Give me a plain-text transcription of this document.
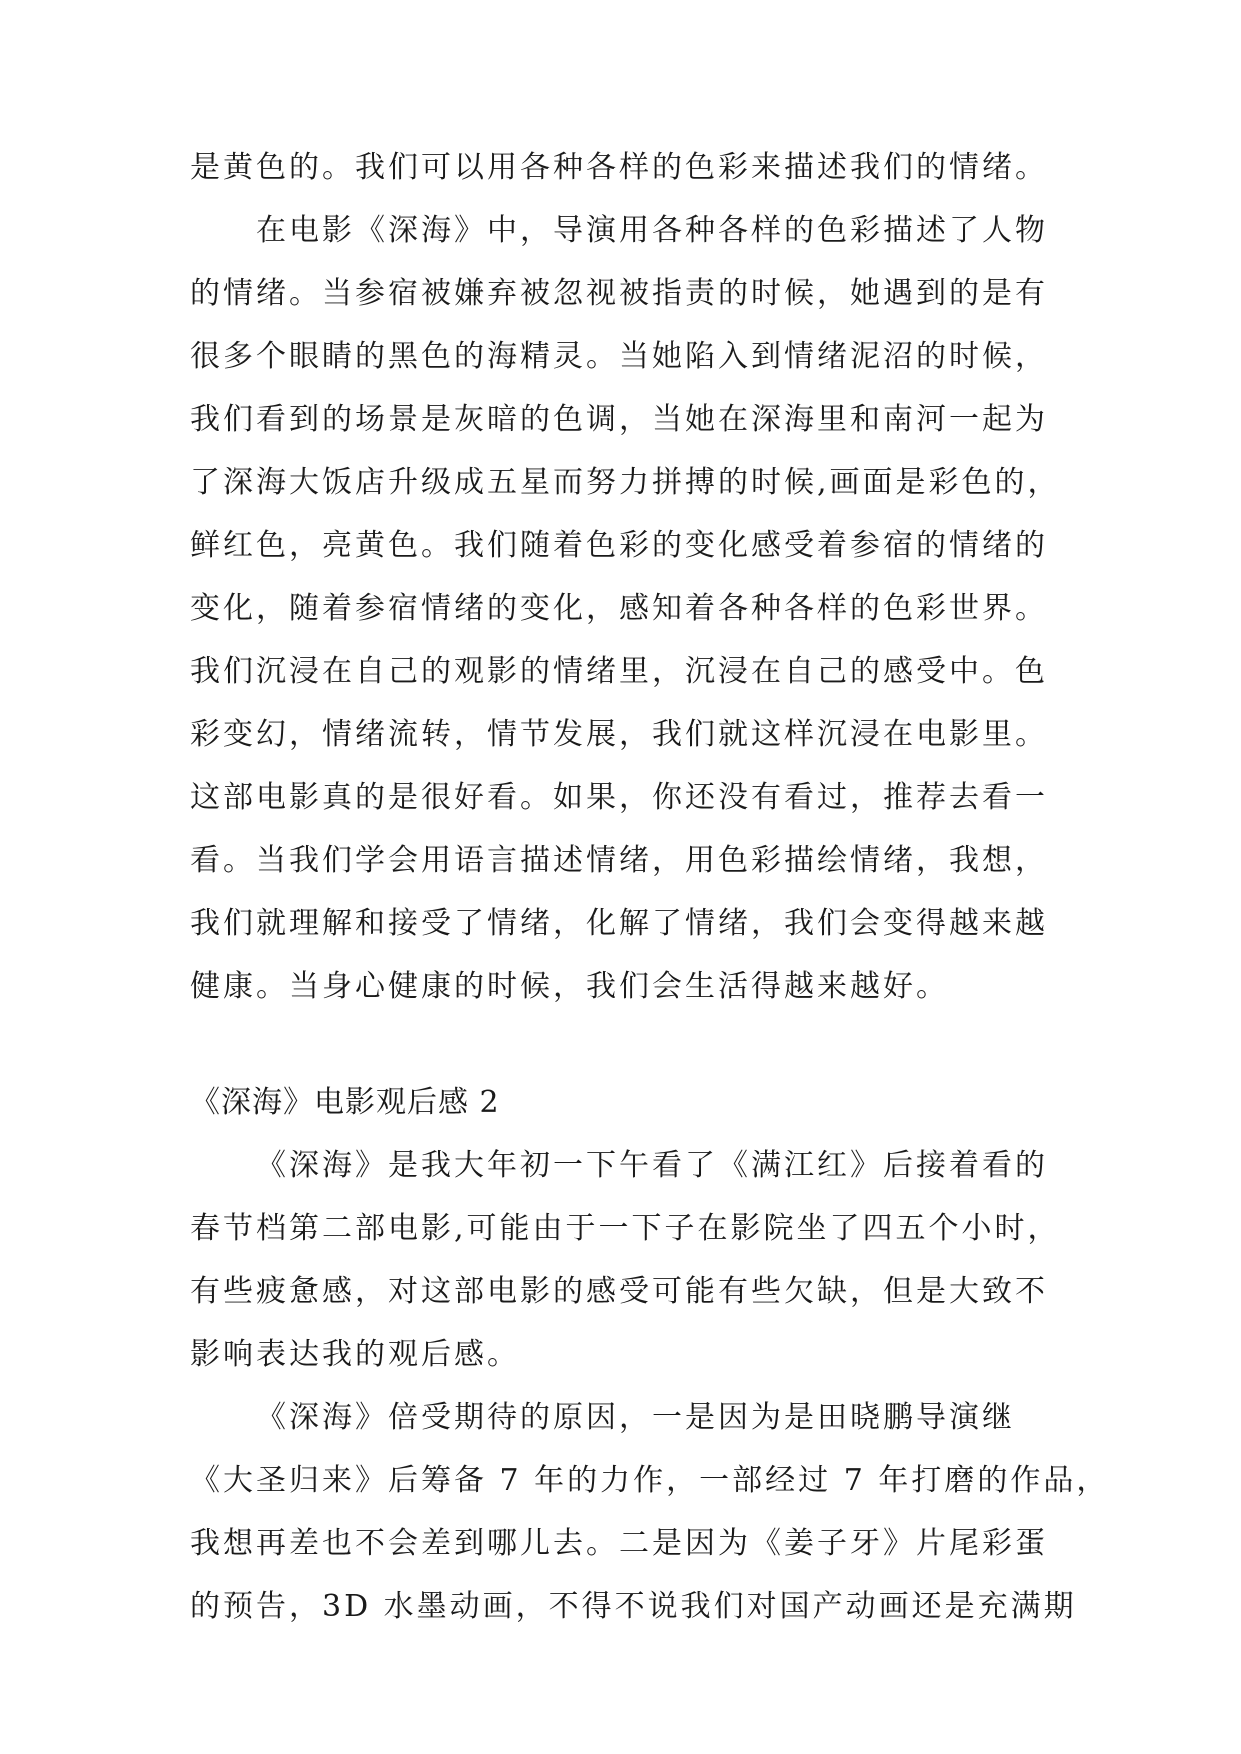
是黄色的。我们可以用各种各样的色彩来描述我们的情绪。
在电影《深海》中，导演用各种各样的色彩描述了人物
的情绪。当参宿被嫌弃被忽视被指责的时候，她遇到的是有
很多个眼睛的黑色的海精灵。当她陷入到情绪泥沼的时候，
我们看到的场景是灰暗的色调，当她在深海里和南河一起为
了深海大饭店升级成五星而努力拼搏的时候,画面是彩色的，
鲜红色，亮黄色。我们随着色彩的变化感受着参宿的情绪的
变化，随着参宿情绪的变化，感知着各种各样的色彩世界。
我们沉浸在自己的观影的情绪里，沉浸在自己的感受中。色
彩变幻，情绪流转，情节发展，我们就这样沉浸在电影里。
这部电影真的是很好看。如果，你还没有看过，推荐去看一
看。当我们学会用语言描述情绪，用色彩描绘情绪，我想，
我们就理解和接受了情绪，化解了情绪，我们会变得越来越
健康。当身心健康的时候，我们会生活得越来越好。
《深海》电影观后感 2
《深海》是我大年初一下午看了《满江红》后接着看的
春节档第二部电影,可能由于一下子在影院坐了四五个小时，
有些疲惫感，对这部电影的感受可能有些欠缺，但是大致不
影响表达我的观后感。
《深海》倍受期待的原因，一是因为是田晓鹏导演继
《大圣归来》后筹备 7 年的力作，一部经过 7 年打磨的作品，
我想再差也不会差到哪儿去。二是因为《姜子牙》片尾彩蛋
的预告，3D 水墨动画，不得不说我们对国产动画还是充满期
